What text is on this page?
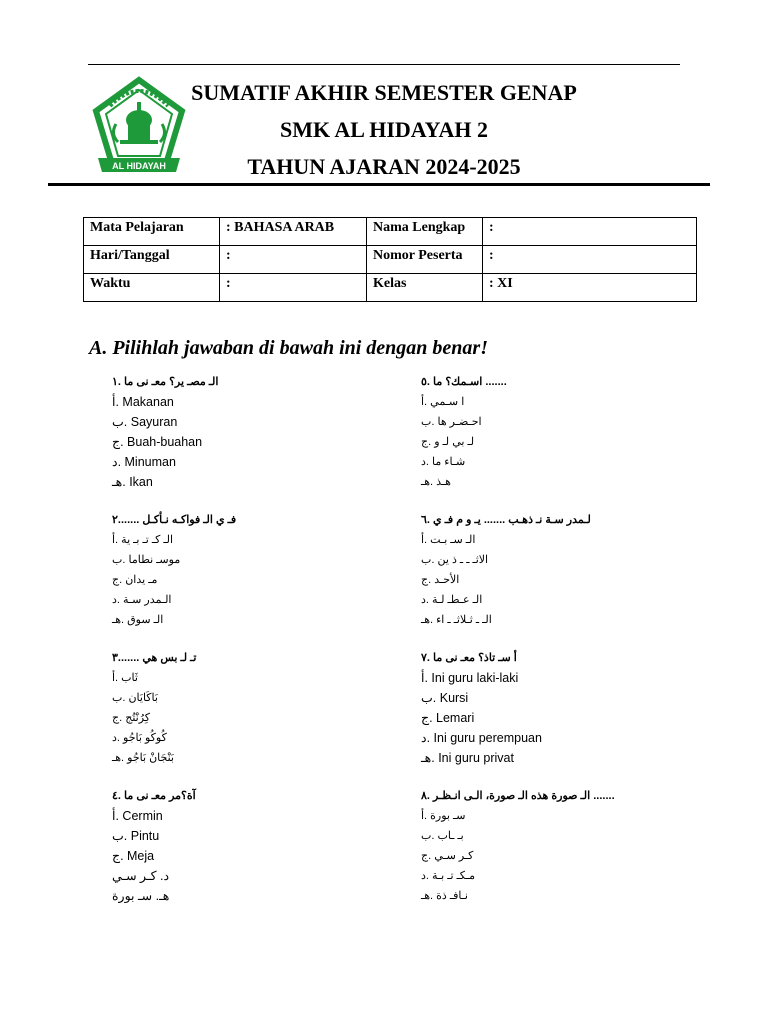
AL HIDAYAH
SUMATIF AKHIR SEMESTER GENAP
SMK AL HIDAYAH 2
TAHUN AJARAN 2024-2025
Mata Pelajaran	: BAHASA ARAB	Nama Lengkap	:
Hari/Tanggal	:	Nomor Peserta	:
Waktu	:	Kelas	: XI
A. Pilihlah jawaban di bawah ini dengan benar!
الـ مصـ ير؟ معـ نى ما .١
أ. Makanan
ب. Sayuran
ج. Buah-buahan
د. Minuman
هـ. Ikan
فـ ي الـ فواكـه نـأكـل .......٢
الـ كـ تـ بـ ية .أ
موسـ نطاما .ب
مـ يدان .ج
الـمدر سـة .د
الـ سوق .هـ
تـ لـ بس هي .......٣
ثَاب .أ
بَاكَايَان .ب
كِرُنْتُج .ج
كُوكُو بَاجُو .د
بَنْجَانْ بَاجُو .هـ
آة؟مر معـ نى ما .٤
أ. Cermin
ب. Pintu
ج. Meja
د. كـر سـي
هـ. سـ بورة
اسـمك؟ ما .٥ .......
ا سـمي .أ
احـضـر ها .ب
لـ بي لـ و .ج
شـاء ما .د
هـذ .هـ
لـمدر سـة نـ ذهـب ....... يـ و م فـ ي .٦
الـ سـ بـت .أ
الاثـ ـ ـ ذ ين .ب
الأحـد .ج
الـ عـطـ لـة .د
الـ ـ ثـلاثـ ـ اء .هـ
أ سـ تاذ؟ معـ نى ما .٧
أ. Ini guru laki-laki
ب. Kursi
ج. Lemari
د. Ini guru perempuan
هـ. Ini guru privat
الـ صورة هذه الـ صورة، الـى انـظـر .٨ .......
سـ بورة .أ
بـ ـاب .ب
كـر سـي .ج
مـكـ تـ بـة .د
نـافـ ذة .هـ
